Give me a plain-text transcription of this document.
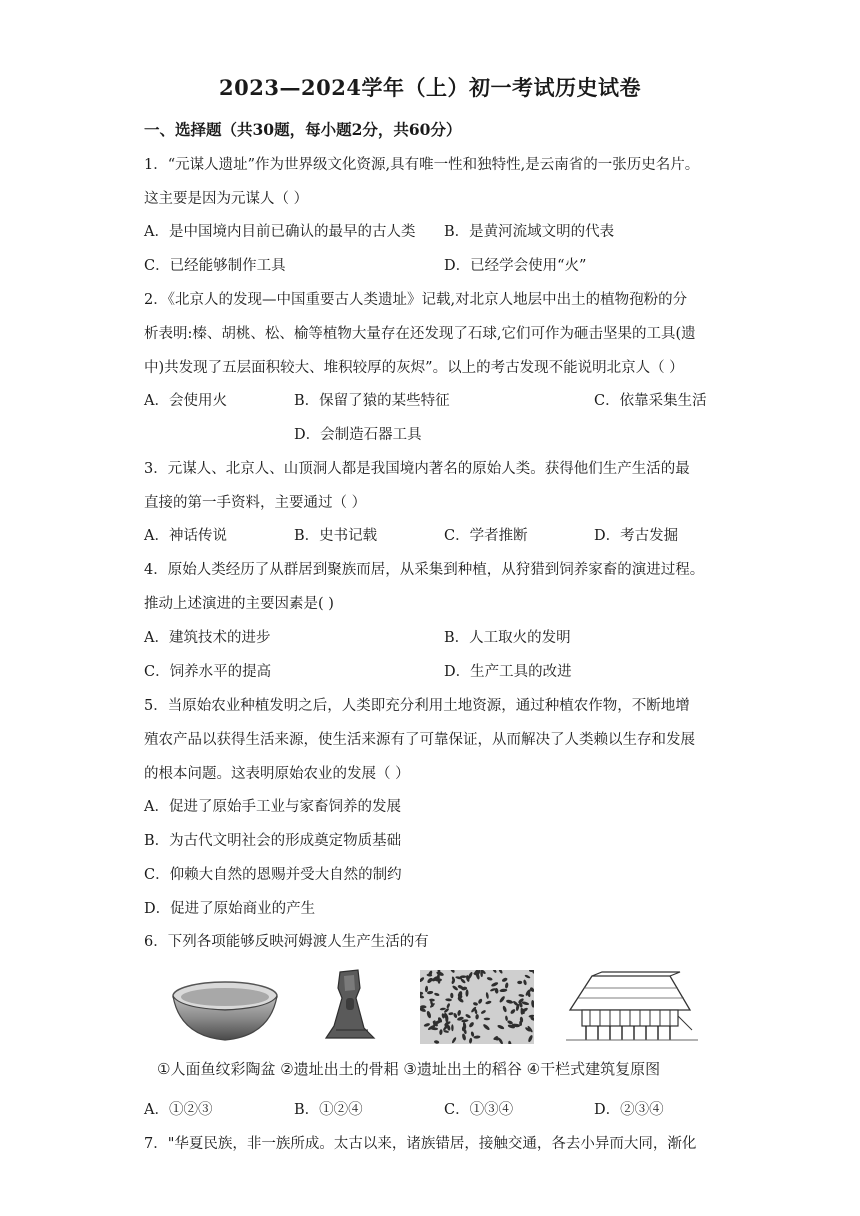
2023—2024学年（上）初一考试历史试卷
一、选择题（共30题，每小题2分，共60分）
1．“元谋人遗址”作为世界级文化资源,具有唯一性和独特性,是云南省的一张历史名片。
这主要是因为元谋人（ ）
A．是中国境内目前已确认的最早的古人类 B．是黄河流域文明的代表
C．已经能够制作工具	D．已经学会使用“火”
2．《北京人的发现—中国重要古人类遗址》记载,对北京人地层中出土的植物孢粉的分
析表明:榛、胡桃、松、榆等植物大量存在还发现了石球,它们可作为砸击坚果的工具(遗
中)共发现了五层面积较大、堆积较厚的灰烬”。以上的考古发现不能说明北京人（ ）
A．会使用火	B．保留了猿的某些特征	C．依靠采集生活
D．会制造石器工具
3．元谋人、北京人、山顶洞人都是我国境内著名的原始人类。获得他们生产生活的最
直接的第一手资料，主要通过（ ）
A．神话传说	B．史书记载	C．学者推断	D．考古发掘
4．原始人类经历了从群居到聚族而居，从采集到种植，从狩猎到饲养家畜的演进过程。
推动上述演进的主要因素是( )
A．建筑技术的进步	B．人工取火的发明
C．饲养水平的提高	D．生产工具的改进
5．当原始农业种植发明之后，人类即充分利用土地资源，通过种植农作物，不断地增
殖农产品以获得生活来源，使生活来源有了可靠保证，从而解决了人类赖以生存和发展
的根本问题。这表明原始农业的发展（ ）
A．促进了原始手工业与家畜饲养的发展
B．为古代文明社会的形成奠定物质基础
C．仰赖大自然的恩赐并受大自然的制约
D．促进了原始商业的产生
6．下列各项能够反映河姆渡人生产生活的有
①人面鱼纹彩陶盆 ②遗址出土的骨耜 ③遗址出土的稻谷 ④干栏式建筑复原图
A．①②③	B．①②④	C．①③④	D．②③④
7．"华夏民族，非一族所成。太古以来，诸族错居，接触交通，各去小异而大同，渐化
